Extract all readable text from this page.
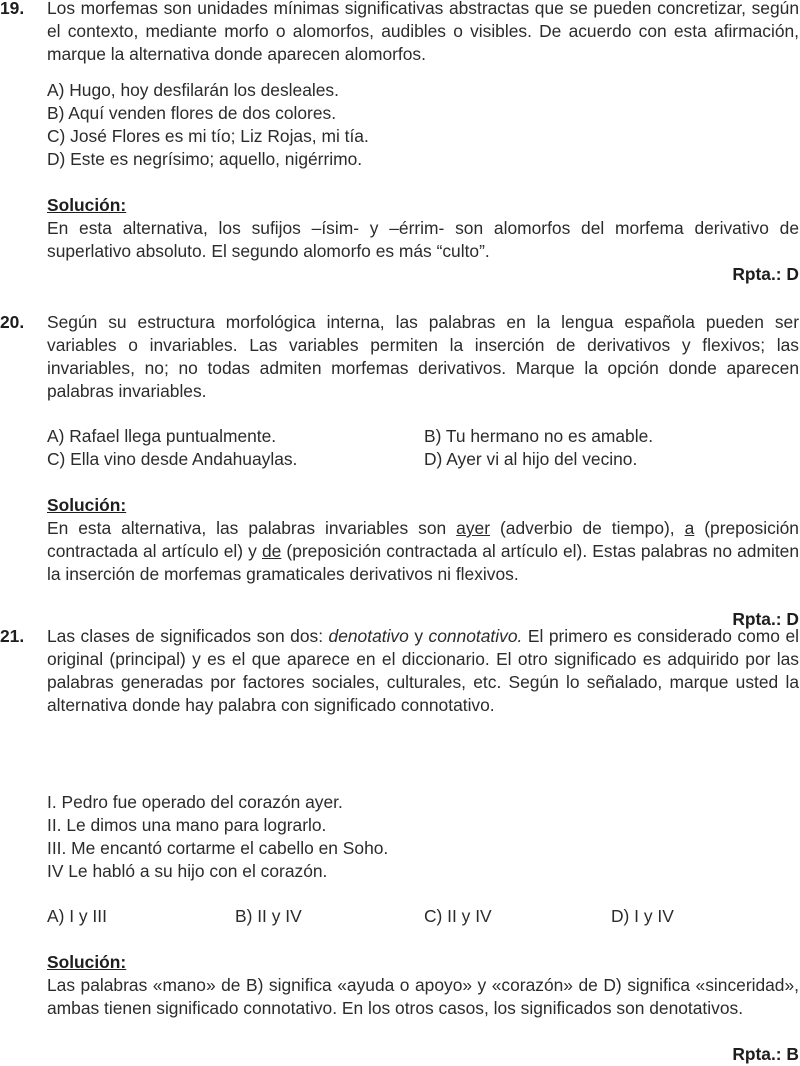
19. Los morfemas son unidades mínimas significativas abstractas que se pueden concretizar, según el contexto, mediante morfo o alomorfos, audibles o visibles. De acuerdo con esta afirmación, marque la alternativa donde aparecen alomorfos.
A) Hugo, hoy desfilarán los desleales.
B) Aquí venden flores de dos colores.
C) José Flores es mi tío; Liz Rojas, mi tía.
D) Este es negrísimo; aquello, nigérrimo.
Solución:
En esta alternativa, los sufijos –ísim- y –érrim- son alomorfos del morfema derivativo de superlativo absoluto. El segundo alomorfo es más “culto”.
Rpta.: D
20. Según su estructura morfológica interna, las palabras en la lengua española pueden ser variables o invariables. Las variables permiten la inserción de derivativos y flexivos; las invariables, no; no todas admiten morfemas derivativos. Marque la opción donde aparecen palabras invariables.
A) Rafael llega puntualmente.	B) Tu hermano no es amable.
C) Ella vino desde Andahuaylas.	D) Ayer vi al hijo del vecino.
Solución:
En esta alternativa, las palabras invariables son ayer (adverbio de tiempo), a (preposición contractada al artículo el) y de (preposición contractada al artículo el). Estas palabras no admiten la inserción de morfemas gramaticales derivativos ni flexivos.
Rpta.: D
21. Las clases de significados son dos: denotativo y connotativo. El primero es considerado como el original (principal) y es el que aparece en el diccionario. El otro significado es adquirido por las palabras generadas por factores sociales, culturales, etc. Según lo señalado, marque usted la alternativa donde hay palabra con significado connotativo.
I. Pedro fue operado del corazón ayer.
II. Le dimos una mano para lograrlo.
III. Me encantó cortarme el cabello en Soho.
IV Le habló a su hijo con el corazón.
A) I y III	B) II y IV	C) II y IV	D) I y IV
Solución:
Las palabras «mano» de B) significa «ayuda o apoyo» y «corazón» de D) significa «sinceridad», ambas tienen significado connotativo. En los otros casos, los significados son denotativos.
Rpta.: B
